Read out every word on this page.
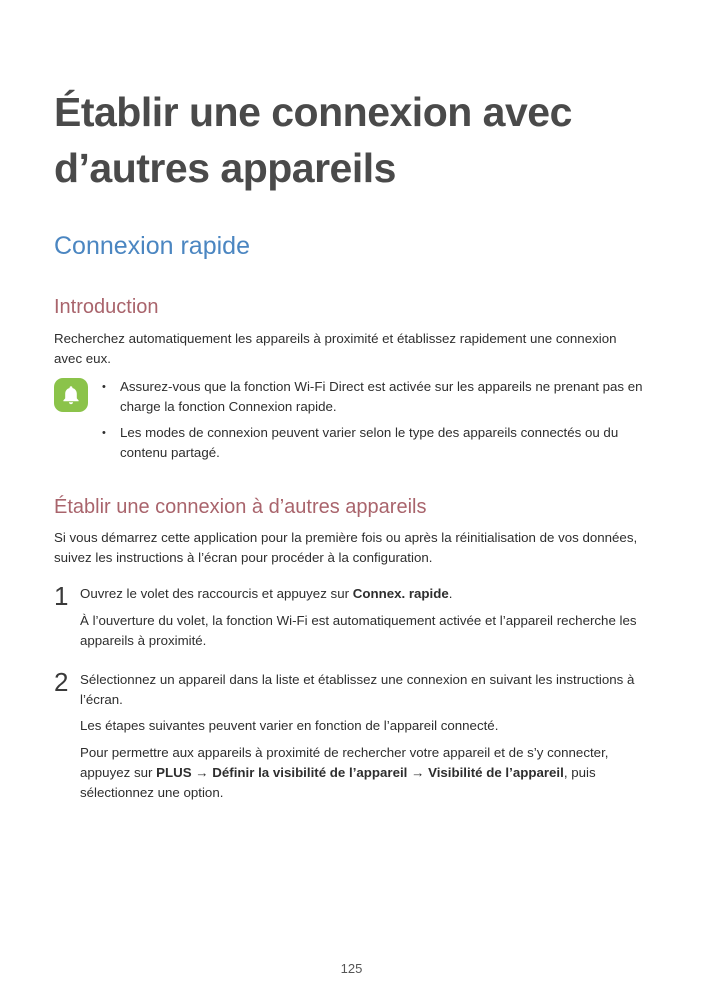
Établir une connexion avec
d’autres appareils
Connexion rapide
Introduction

Recherchez automatiquement les appareils à proximité et établissez rapidement une connexion avec eux.

• Assurez-vous que la fonction Wi-Fi Direct est activée sur les appareils ne prenant pas en charge la fonction Connexion rapide.
• Les modes de connexion peuvent varier selon le type des appareils connectés ou du contenu partagé.
Établir une connexion à d’autres appareils

Si vous démarrez cette application pour la première fois ou après la réinitialisation de vos données, suivez les instructions à l’écran pour procéder à la configuration.

1 Ouvrez le volet des raccourcis et appuyez sur Connex. rapide.

À l’ouverture du volet, la fonction Wi-Fi est automatiquement activée et l’appareil recherche les appareils à proximité.

2 Sélectionnez un appareil dans la liste et établissez une connexion en suivant les instructions à l’écran.

Les étapes suivantes peuvent varier en fonction de l’appareil connecté.

Pour permettre aux appareils à proximité de rechercher votre appareil et de s’y connecter, appuyez sur PLUS → Définir la visibilité de l’appareil → Visibilité de l’appareil, puis sélectionnez une option.

125
